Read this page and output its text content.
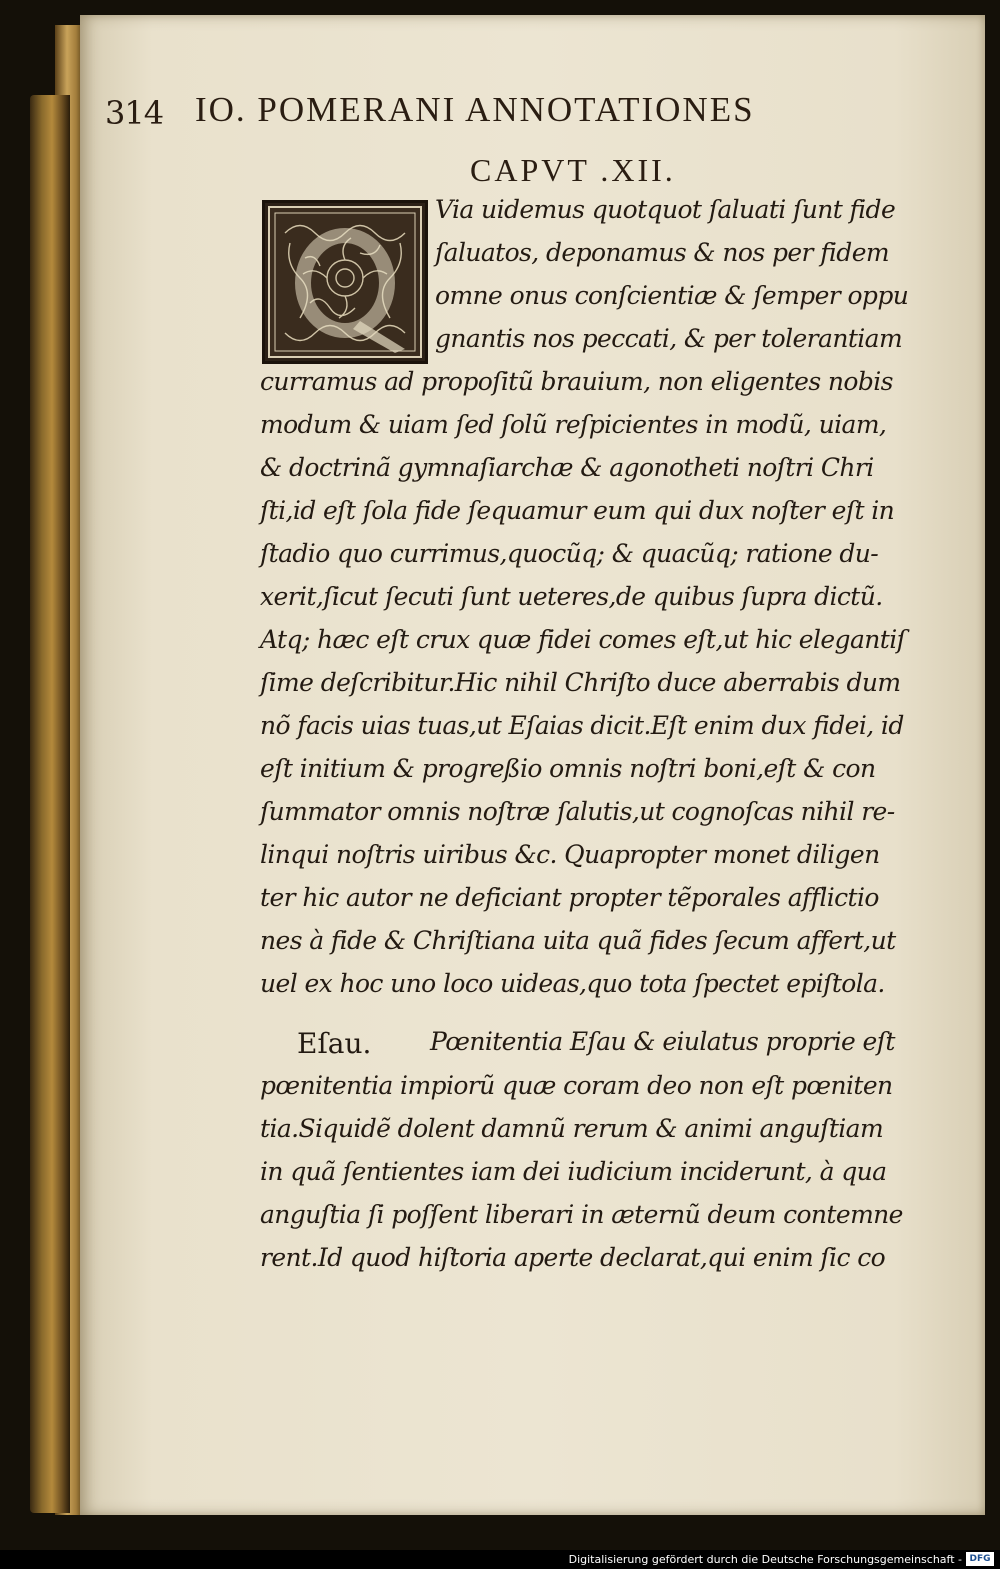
314 IO. POMERANI ANNOTATIONES
CAPVT .XII.
Via uidemus quotquot ſaluati ſunt fide
ſaluatos, deponamus & nos per fidem
omne onus conſcientiæ & ſemper oppu
gnantis nos peccati, & per tolerantiam
curramus ad propoſitũ brauium, non eligentes nobis
modum & uiam ſed ſolũ reſpicientes in modũ, uiam,
& doctrinã gymnaſiarchæ & agonotheti noſtri Chri
ſti,id eſt ſola fide ſequamur eum qui dux noſter eſt in
ſtadio quo currimus,quocũq; & quacũq; ratione du-
xerit,ſicut ſecuti ſunt ueteres,de quibus ſupra dictũ.
Atq; hæc eſt crux quæ fidei comes eſt,ut hic elegantiſ
ſime deſcribitur.Hic nihil Chriſto duce aberrabis dum
nõ facis uias tuas,ut Eſaias dicit.Eſt enim dux fidei, id
eſt initium & progreßio omnis noſtri boni,eſt & con
ſummator omnis noſtræ ſalutis,ut cognoſcas nihil re-
linqui noſtris uiribus &c. Quapropter monet diligen
ter hic autor ne deficiant propter tẽporales afflictio
nes à fide & Chriſtiana uita quã fides ſecum affert,ut
uel ex hoc uno loco uideas,quo tota ſpectet epiſtola.
Eſau. Pœnitentia Eſau & eiulatus proprie eſt
pœnitentia impiorũ quæ coram deo non eſt pœniten
tia.Siquidẽ dolent damnũ rerum & animi anguſtiam
in quã ſentientes iam dei iudicium inciderunt, à qua
anguſtia ſi poſſent liberari in æternũ deum contemne
rent.Id quod hiſtoria aperte declarat,qui enim ſic co
Digitalisierung gefördert durch die Deutsche Forschungsgemeinschaft - DFG
